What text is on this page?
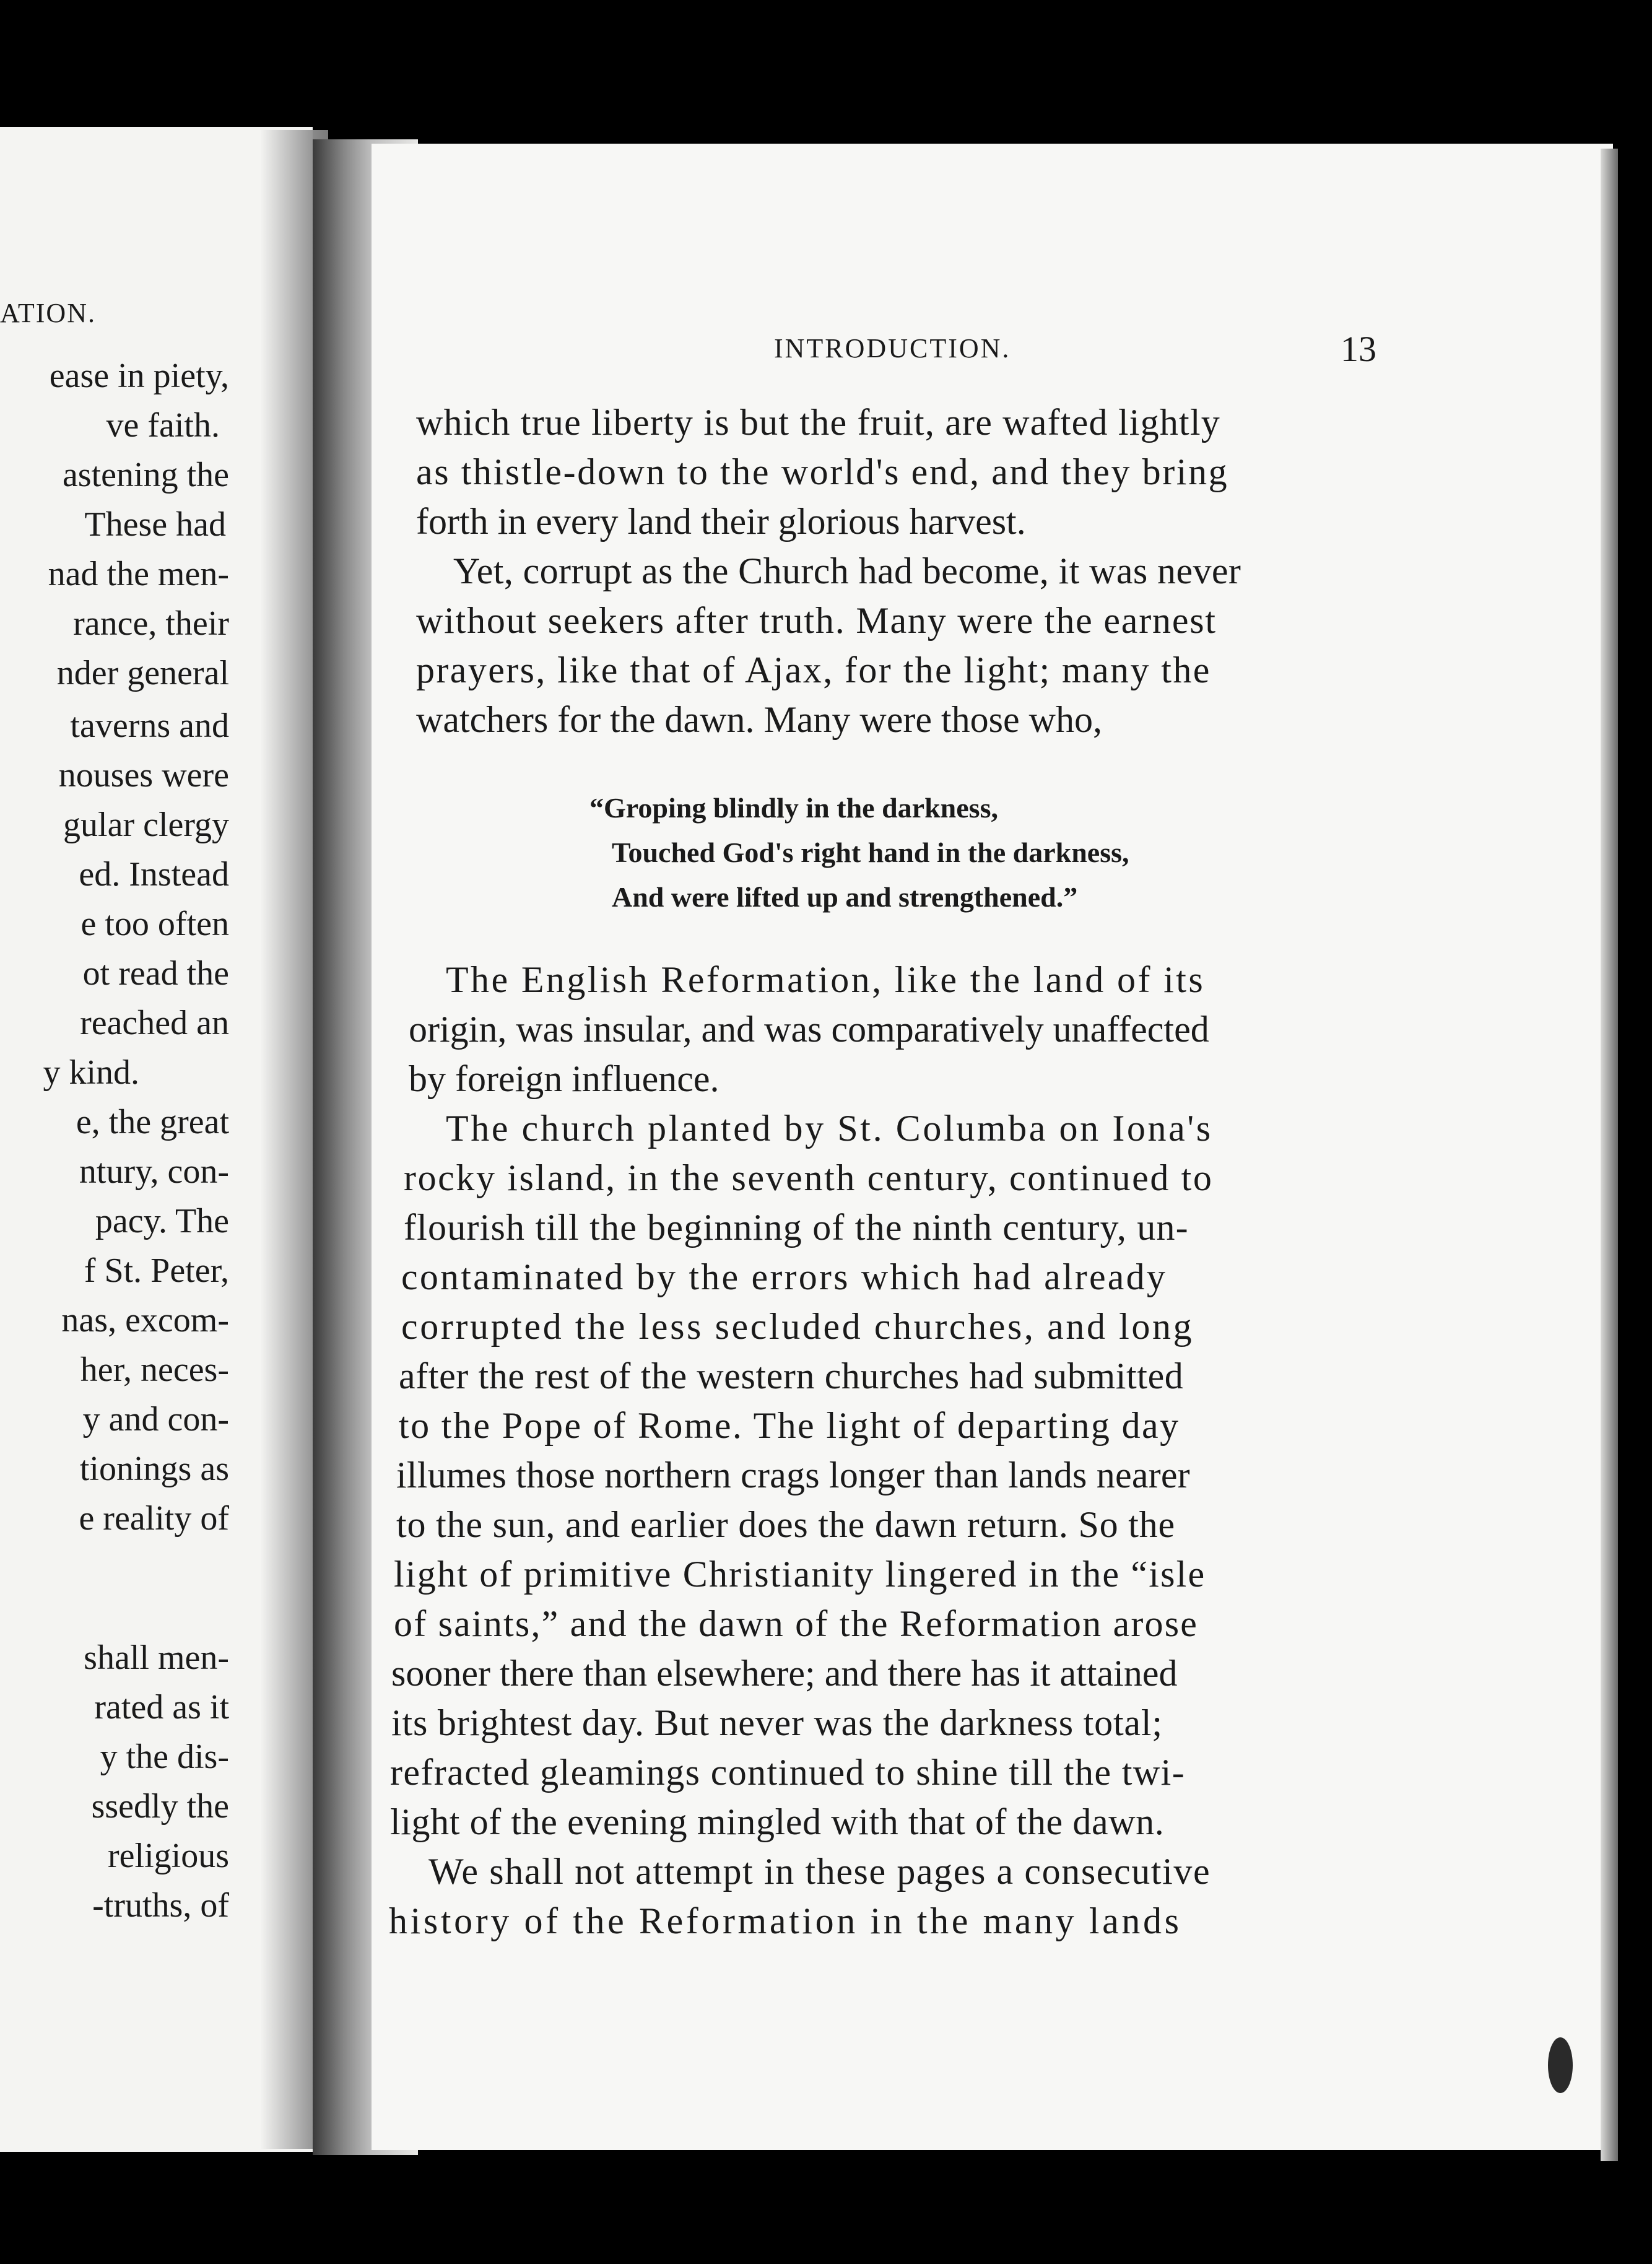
ATION.
ease in piety,
ve faith.
astening the
These had
nad the men-
rance, their
nder general
taverns and
nouses were
gular clergy
ed. Instead
e too often
ot read the
reached an
y kind.
e, the great
ntury, con-
pacy. The
f St. Peter,
nas, excom-
her, neces-
y and con-
tionings as
e reality of
shall men-
rated as it
y the dis-
ssedly the
religious
-truths, of
INTRODUCTION.	13
which true liberty is but the fruit, are wafted lightly
as thistle-down to the world's end, and they bring
forth in every land their glorious harvest.
Yet, corrupt as the Church had become, it was never
without seekers after truth. Many were the earnest
prayers, like that of Ajax, for the light; many the
watchers for the dawn. Many were those who,
“Groping blindly in the darkness,
Touched God's right hand in the darkness,
And were lifted up and strengthened.”
The English Reformation, like the land of its
origin, was insular, and was comparatively unaffected
by foreign influence.
The church planted by St. Columba on Iona's
rocky island, in the seventh century, continued to
flourish till the beginning of the ninth century, un-
contaminated by the errors which had already
corrupted the less secluded churches, and long
after the rest of the western churches had submitted
to the Pope of Rome. The light of departing day
illumes those northern crags longer than lands nearer
to the sun, and earlier does the dawn return. So the
light of primitive Christianity lingered in the “isle
of saints,” and the dawn of the Reformation arose
sooner there than elsewhere; and there has it attained
its brightest day. But never was the darkness total;
refracted gleamings continued to shine till the twi-
light of the evening mingled with that of the dawn.
We shall not attempt in these pages a consecutive
history of the Reformation in the many lands
